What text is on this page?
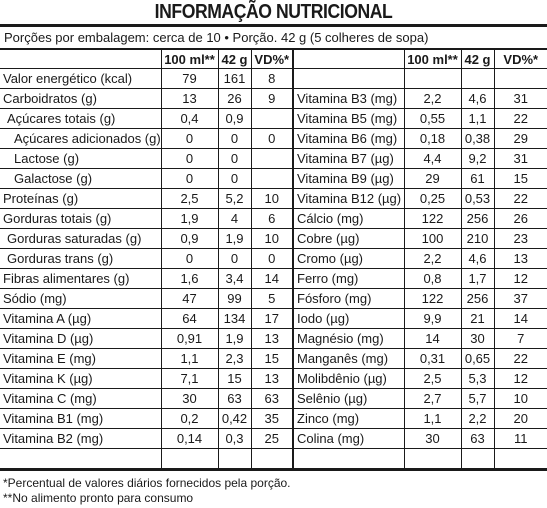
INFORMAÇÃO NUTRICIONAL
Porções por embalagem: cerca de 10 • Porção. 42 g (5 colheres de sopa)
	100 ml**	42 g	VD%*		100 ml**	42 g	VD%*
Valor energético (kcal)	79	161	8				
Carboidratos (g)	13	26	9	Vitamina B3 (mg)	2,2	4,6	31
Açúcares totais (g)	0,4	0,9		Vitamina B5 (mg)	0,55	1,1	22
Açúcares adicionados (g)	0	0	0	Vitamina B6 (mg)	0,18	0,38	29
Lactose (g)	0	0		Vitamina B7 (µg)	4,4	9,2	31
Galactose (g)	0	0		Vitamina B9 (µg)	29	61	15
Proteínas (g)	2,5	5,2	10	Vitamina B12 (µg)	0,25	0,53	22
Gorduras totais (g)	1,9	4	6	Cálcio (mg)	122	256	26
Gorduras saturadas (g)	0,9	1,9	10	Cobre (µg)	100	210	23
Gorduras trans (g)	0	0	0	Cromo (µg)	2,2	4,6	13
Fibras alimentares (g)	1,6	3,4	14	Ferro (mg)	0,8	1,7	12
Sódio (mg)	47	99	5	Fósforo (mg)	122	256	37
Vitamina A (µg)	64	134	17	Iodo (µg)	9,9	21	14
Vitamina D (µg)	0,91	1,9	13	Magnésio (mg)	14	30	7
Vitamina E (mg)	1,1	2,3	15	Manganês (mg)	0,31	0,65	22
Vitamina K (µg)	7,1	15	13	Molibdênio (µg)	2,5	5,3	12
Vitamina C (mg)	30	63	63	Selênio (µg)	2,7	5,7	10
Vitamina B1 (mg)	0,2	0,42	35	Zinco (mg)	1,1	2,2	20
Vitamina B2 (mg)	0,14	0,3	25	Colina (mg)	30	63	11

*Percentual de valores diários fornecidos pela porção.
**No alimento pronto para consumo
